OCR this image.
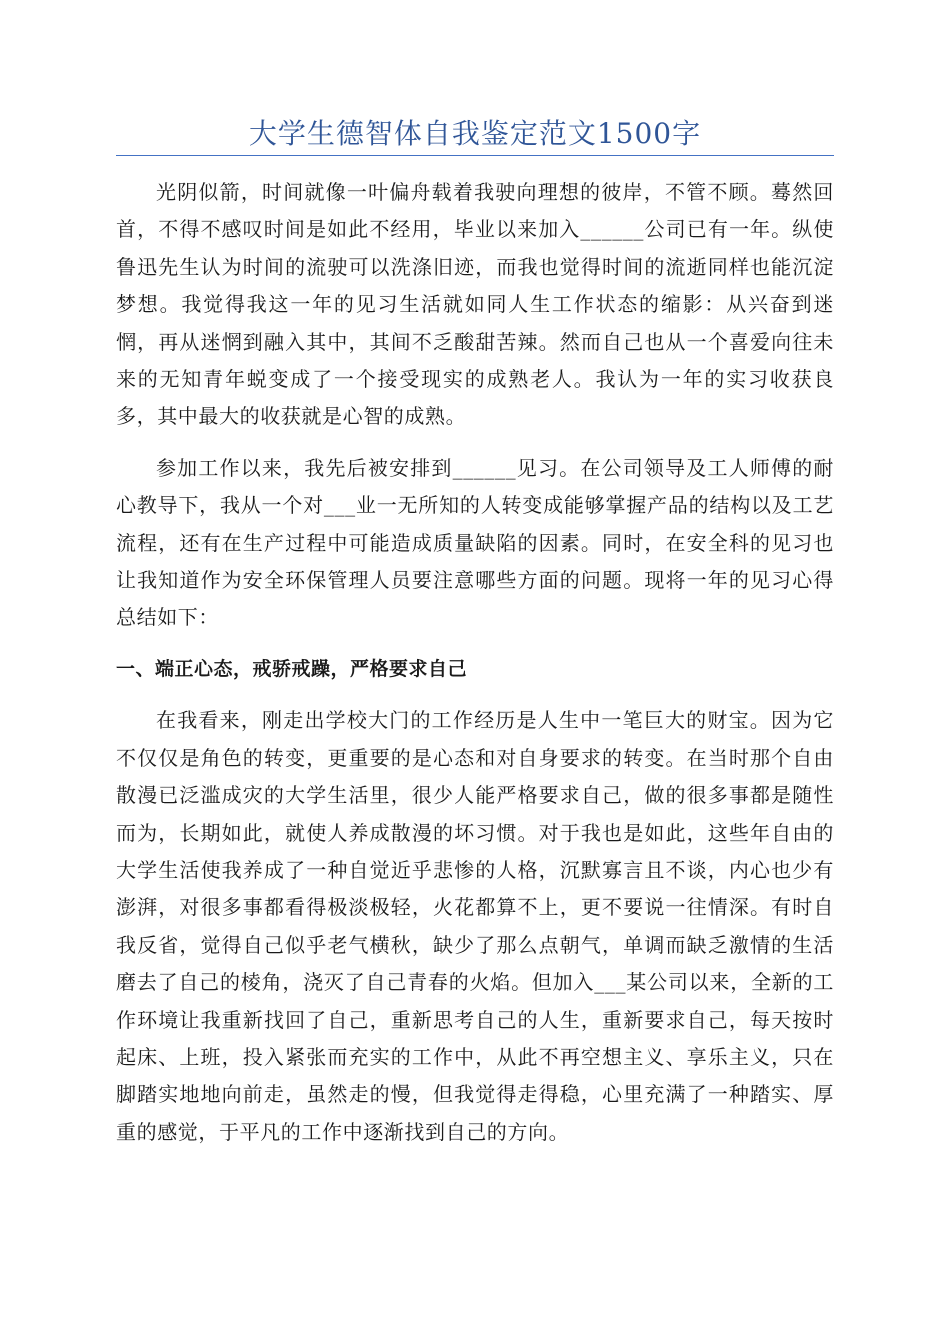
大学生德智体自我鉴定范文1500字

光阴似箭，时间就像一叶偏舟载着我驶向理想的彼岸，不管不顾。蓦然回首，不得不感叹时间是如此不经用，毕业以来加入______公司已有一年。纵使鲁迅先生认为时间的流驶可以洗涤旧迹，而我也觉得时间的流逝同样也能沉淀梦想。我觉得我这一年的见习生活就如同人生工作状态的缩影：从兴奋到迷惘，再从迷惘到融入其中，其间不乏酸甜苦辣。然而自己也从一个喜爱向往未来的无知青年蜕变成了一个接受现实的成熟老人。我认为一年的实习收获良多，其中最大的收获就是心智的成熟。

参加工作以来，我先后被安排到______见习。在公司领导及工人师傅的耐心教导下，我从一个对___业一无所知的人转变成能够掌握产品的结构以及工艺流程，还有在生产过程中可能造成质量缺陷的因素。同时，在安全科的见习也让我知道作为安全环保管理人员要注意哪些方面的问题。现将一年的见习心得总结如下：

一、端正心态，戒骄戒躁，严格要求自己

在我看来，刚走出学校大门的工作经历是人生中一笔巨大的财宝。因为它不仅仅是角色的转变，更重要的是心态和对自身要求的转变。在当时那个自由散漫已泛滥成灾的大学生活里，很少人能严格要求自己，做的很多事都是随性而为，长期如此，就使人养成散漫的坏习惯。对于我也是如此，这些年自由的大学生活使我养成了一种自觉近乎悲惨的人格，沉默寡言且不谈，内心也少有澎湃，对很多事都看得极淡极轻，火花都算不上，更不要说一往情深。有时自我反省，觉得自己似乎老气横秋，缺少了那么点朝气，单调而缺乏激情的生活磨去了自己的棱角，浇灭了自己青春的火焰。但加入___某公司以来，全新的工作环境让我重新找回了自己，重新思考自己的人生，重新要求自己，每天按时起床、上班，投入紧张而充实的工作中，从此不再空想主义、享乐主义，只在脚踏实地地向前走，虽然走的慢，但我觉得走得稳，心里充满了一种踏实、厚重的感觉，于平凡的工作中逐渐找到自己的方向。
